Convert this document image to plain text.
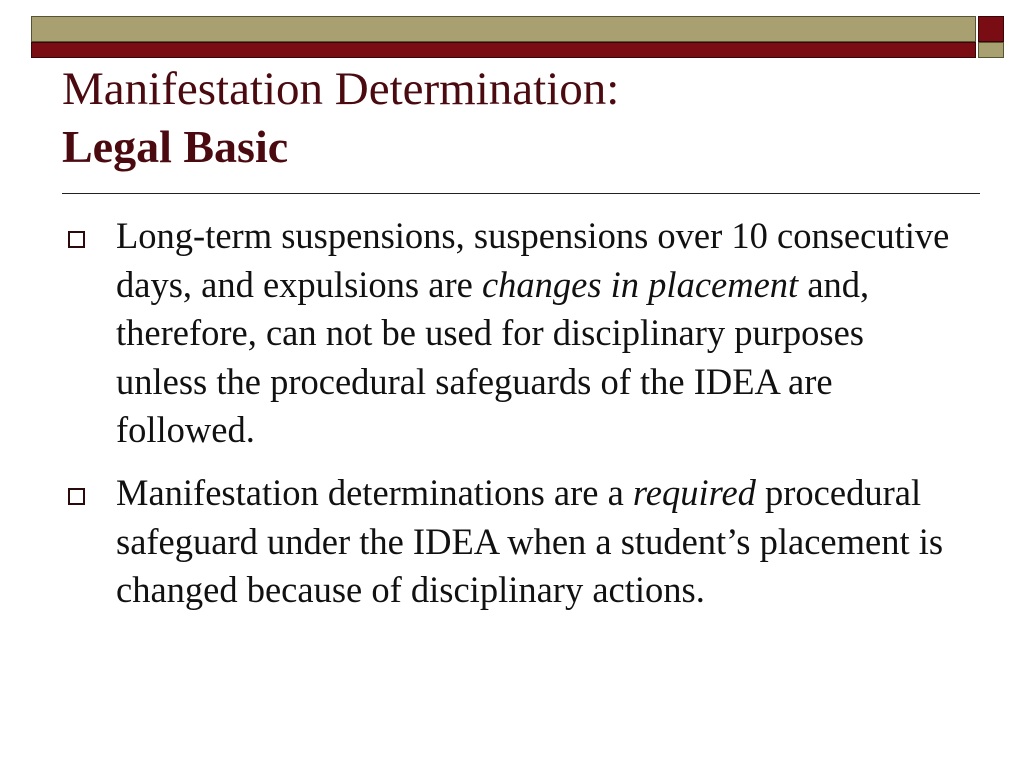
Manifestation Determination:
Legal Basic
Long-term suspensions, suspensions over 10 consecutive days, and expulsions are changes in placement and, therefore, can not be used for disciplinary purposes unless the procedural safeguards of the IDEA are followed.
Manifestation determinations are a required procedural safeguard under the IDEA when a student’s placement is changed because of disciplinary actions.
